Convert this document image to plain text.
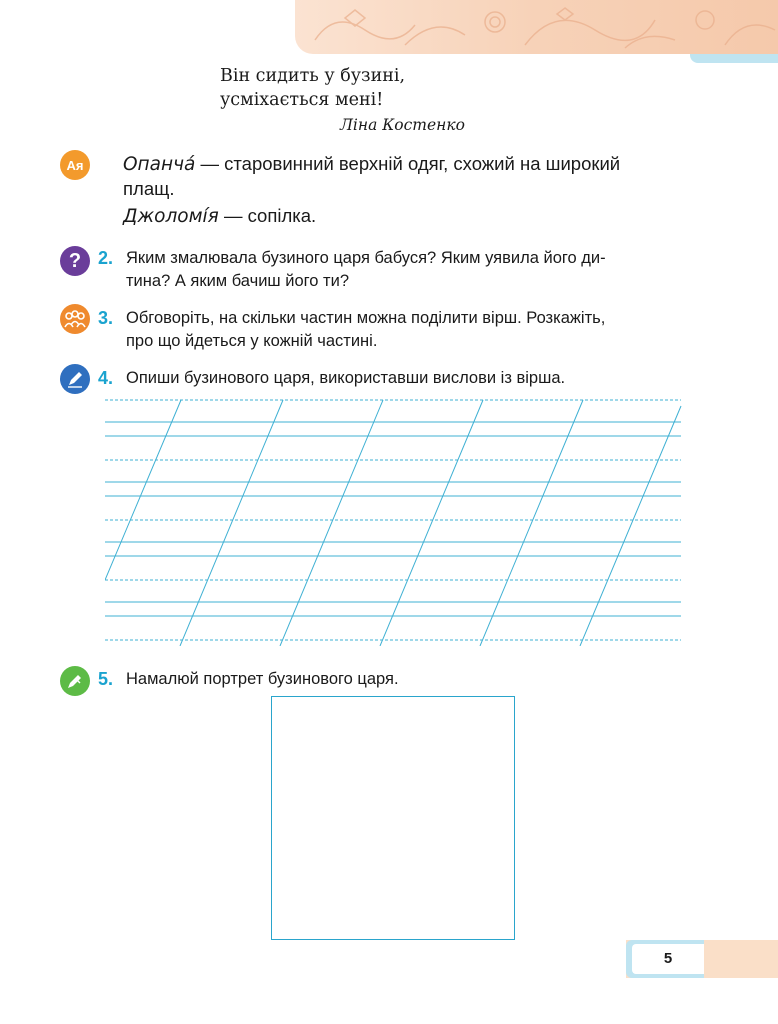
Він сидить у бузині,
усміхається мені!
Ліна Костенко
Ая Опанча́ — старовинний верхній одяг, схожий на широкий
плащ.
Джоломі́я — сопілка.
? 2. Яким змалювала бузиного царя бабуся? Яким уявила його ди-
тина? А яким бачиш його ти?
3. Обговоріть, на скільки частин можна поділити вірш. Розкажіть,
про що йдеться у кожній частині.
4. Опиши бузинового царя, використавши вислови із вірша.
5. Намалюй портрет бузинового царя.
5
